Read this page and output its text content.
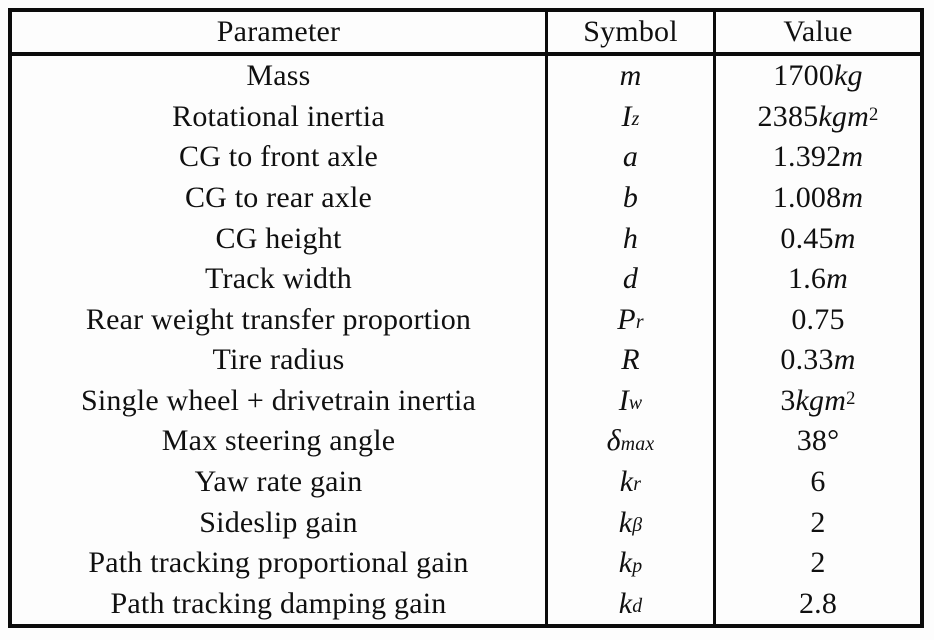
Parameter	Symbol	Value
Mass	m	1700 kg
Rotational inertia	$I_z$	2385 kgm$^2$
CG to front axle	a	1.392 m
CG to rear axle	b	1.008 m
CG height	h	0.45 m
Track width	d	1.6 m
Rear weight transfer proportion	$P_r$	0.75
Tire radius	R	0.33 m
Single wheel + drivetrain inertia	$I_w$	3 kgm$^2$
Max steering angle	$\delta_{max}$	38°
Yaw rate gain	$k_r$	6
Sideslip gain	$k_\beta$	2
Path tracking proportional gain	$k_p$	2
Path tracking damping gain	$k_d$	2.8
